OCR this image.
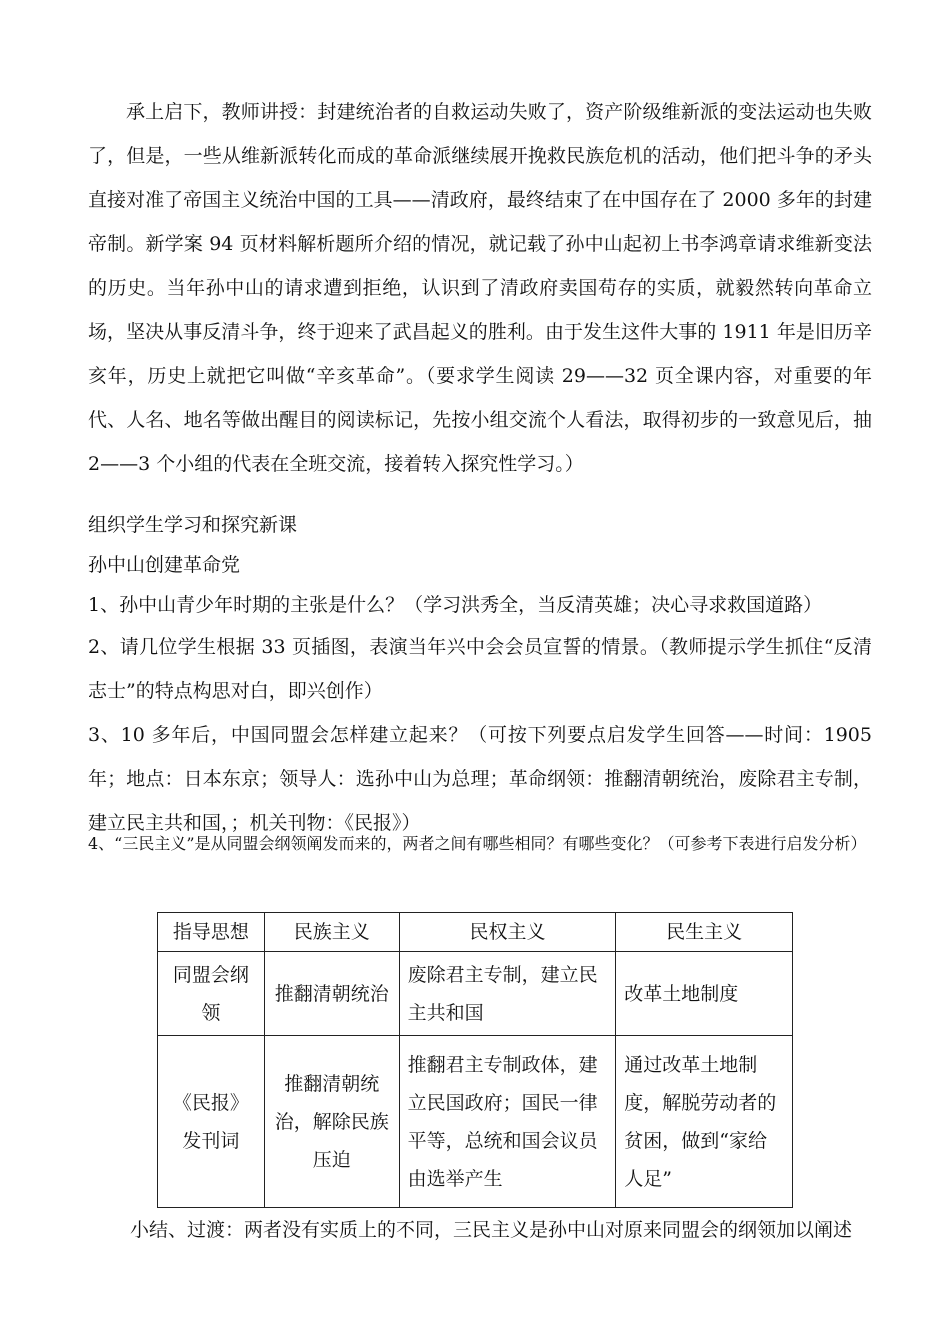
承上启下，教师讲授：封建统治者的自救运动失败了，资产阶级维新派的变法运动也失败了，但是，一些从维新派转化而成的革命派继续展开挽救民族危机的活动，他们把斗争的矛头直接对准了帝国主义统治中国的工具——清政府，最终结束了在中国存在了 2000 多年的封建帝制。新学案 94 页材料解析题所介绍的情况，就记载了孙中山起初上书李鸿章请求维新变法的历史。当年孙中山的请求遭到拒绝，认识到了清政府卖国苟存的实质，就毅然转向革命立场，坚决从事反清斗争，终于迎来了武昌起义的胜利。由于发生这件大事的 1911 年是旧历辛亥年，历史上就把它叫做“辛亥革命”。（要求学生阅读 29——32 页全课内容，对重要的年代、人名、地名等做出醒目的阅读标记，先按小组交流个人看法，取得初步的一致意见后，抽 2——3 个小组的代表在全班交流，接着转入探究性学习。）

组织学生学习和探究新课

孙中山创建革命党

1、孙中山青少年时期的主张是什么？（学习洪秀全，当反清英雄；决心寻求救国道路）

2、请几位学生根据 33 页插图，表演当年兴中会会员宣誓的情景。（教师提示学生抓住“反清志士”的特点构思对白，即兴创作）

3、10 多年后，中国同盟会怎样建立起来？（可按下列要点启发学生回答——时间：1905 年；地点：日本东京；领导人：选孙中山为总理；革命纲领：推翻清朝统治，废除君主专制，建立民主共和国，；机关刊物：《民报》）

4、“三民主义”是从同盟会纲领阐发而来的，两者之间有哪些相同？有哪些变化？（可参考下表进行启发分析）

指导思想	民族主义	民权主义	民生主义
同盟会纲领	推翻清朝统治	废除君主专制，建立民主共和国	改革土地制度
《民报》发刊词	推翻清朝统治，解除民族压迫	推翻君主专制政体，建立民国政府；国民一律平等，总统和国会议员由选举产生	通过改革土地制度，解脱劳动者的贫困，做到“家给人足”
小结、过渡：两者没有实质上的不同，三民主义是孙中山对原来同盟会的纲领加以阐述
